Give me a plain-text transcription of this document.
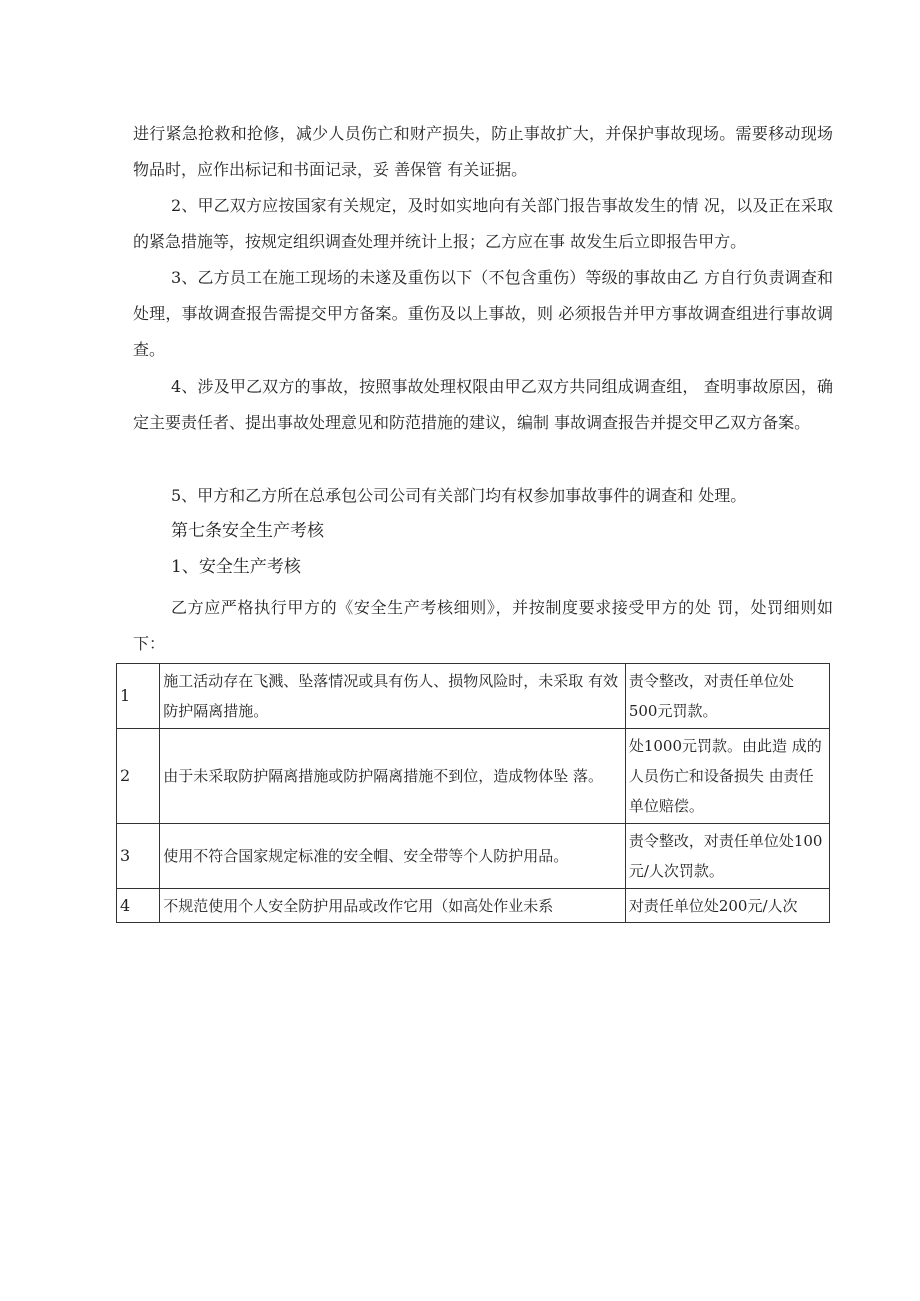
进行紧急抢救和抢修，减少人员伤亡和财产损失，防止事故扩大，并保护事故现场。需要移动现场物品时，应作出标记和书面记录，妥 善保管 有关证据。

2、甲乙双方应按国家有关规定，及时如实地向有关部门报告事故发生的情 况，以及正在采取的紧急措施等，按规定组织调查处理并统计上报；乙方应在事 故发生后立即报告甲方。

3、乙方员工在施工现场的未遂及重伤以下（不包含重伤）等级的事故由乙 方自行负责调查和处理，事故调查报告需提交甲方备案。重伤及以上事故，则 必须报告并甲方事故调查组进行事故调查。

4、涉及甲乙双方的事故，按照事故处理权限由甲乙双方共同组成调查组， 查明事故原因，确定主要责任者、提出事故处理意见和防范措施的建议，编制 事故调查报告并提交甲乙双方备案。

5、甲方和乙方所在总承包公司公司有关部门均有权参加事故事件的调查和 处理。

第七条安全生产考核

1、安全生产考核

乙方应严格执行甲方的《安全生产考核细则》，并按制度要求接受甲方的处 罚，处罚细则如下：

1	施工活动存在飞溅、坠落情况或具有伤人、损物风险时，未采取 有效防护隔离措施。	责令整改，对责任单位处 500元罚款。
2	由于未采取防护隔离措施或防护隔离措施不到位，造成物体坠 落。	处1000元罚款。由此造 成的人员伤亡和设备损失 由责任单位赔偿。
3	使用不符合国家规定标准的安全帽、安全带等个人防护用品。	责令整改，对责任单位处100元/人次罚款。
4	不规范使用个人安全防护用品或改作它用（如高处作业未系	对责任单位处200元/人次
